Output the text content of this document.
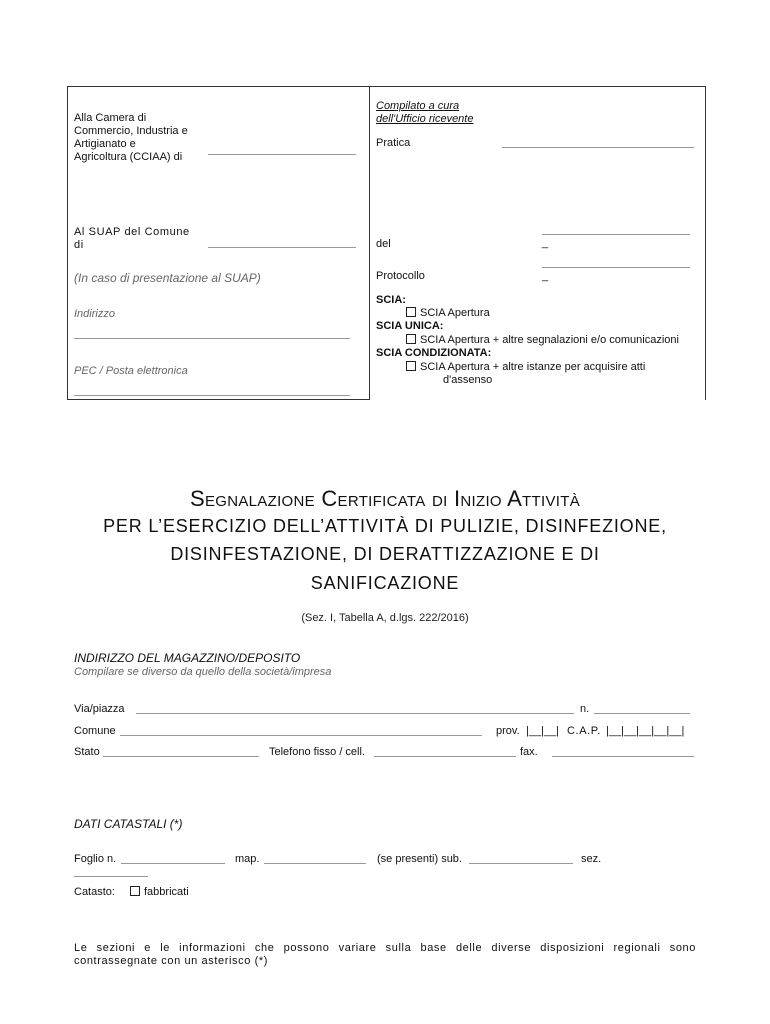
Alla Camera di
Commercio, Industria e
Artigianato e
Agricoltura (CCIAA) di
Al SUAP del Comune
di
(In caso di presentazione al SUAP)
Indirizzo
PEC / Posta elettronica
Compilato a cura
dell'Ufficio ricevente
Pratica
del	_
Protocollo	_
SCIA:
SCIA Apertura
SCIA UNICA:
SCIA Apertura + altre segnalazioni e/o comunicazioni
SCIA CONDIZIONATA:
SCIA Apertura + altre istanze per acquisire atti
d'assenso
Segnalazione Certificata di Inizio Attività
PER L’ESERCIZIO DELL’ATTIVITÀ DI PULIZIE, DISINFEZIONE,
DISINFESTAZIONE, DI DERATTIZZAZIONE E DI
SANIFICAZIONE
(Sez. I, Tabella A, d.lgs. 222/2016)
INDIRIZZO DEL MAGAZZINO/DEPOSITO
Compilare se diverso da quello della società/impresa
Via/piazza	n.
Comune	prov. |__|__| C.A.P. |__|__|__|__|__|
Stato	Telefono fisso / cell.	fax.
DATI CATASTALI (*)
Foglio n.	map.	(se presenti) sub.	sez.
Catasto:	fabbricati
Le sezioni e le informazioni che possono variare sulla base delle diverse disposizioni regionali sono contrassegnate con un asterisco (*)
